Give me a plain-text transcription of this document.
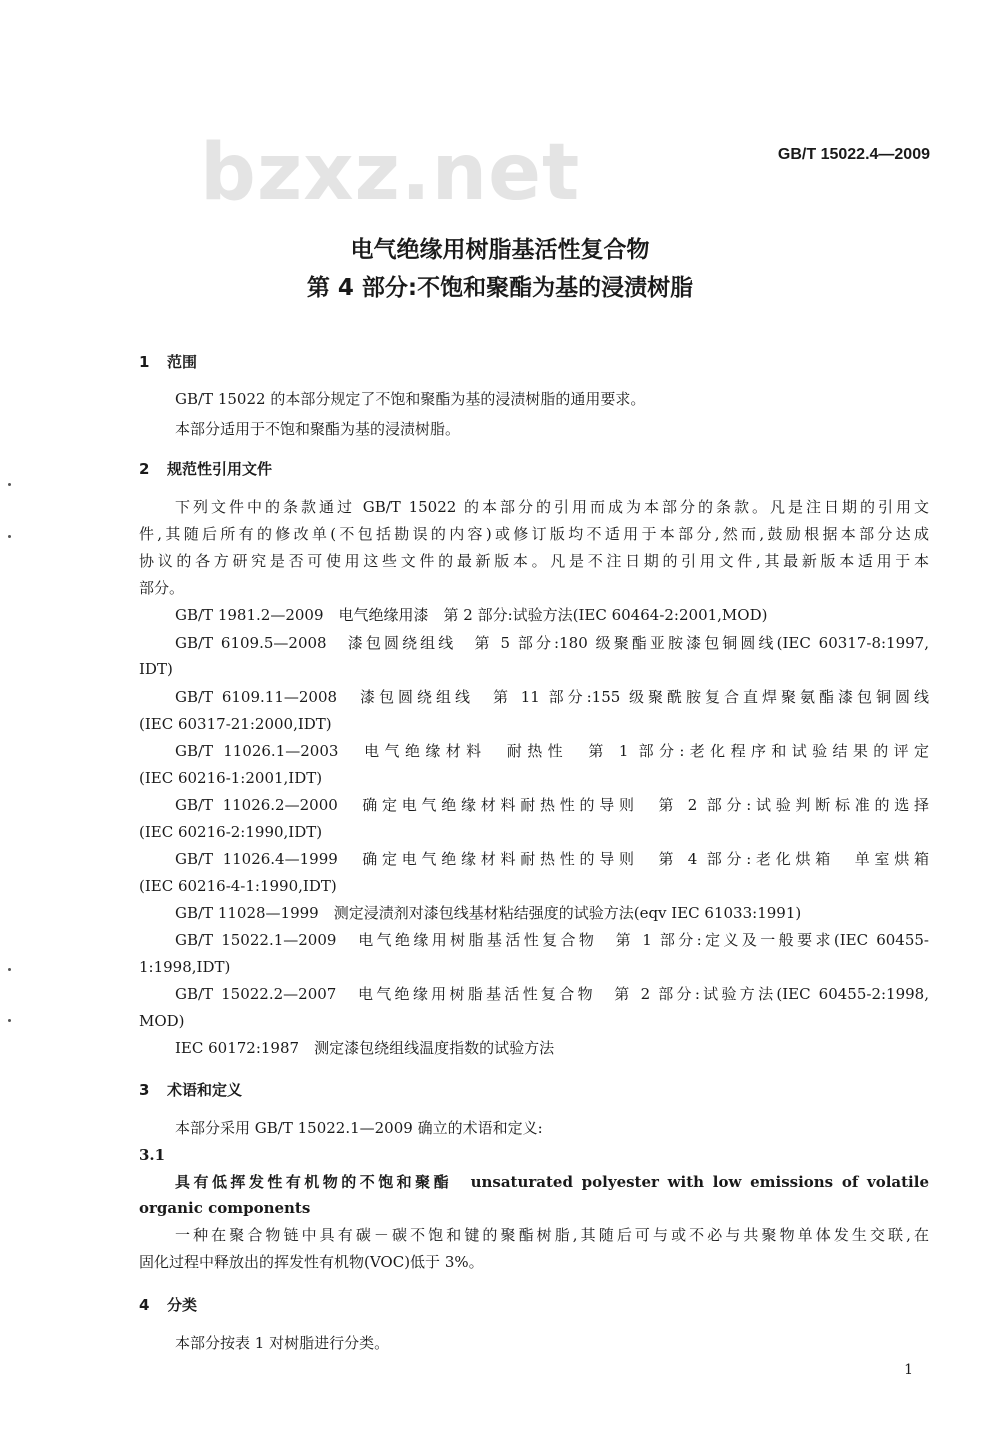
bzxz.net	GB/T 15022.4—2009
电气绝缘用树脂基活性复合物
第 4 部分:不饱和聚酯为基的浸渍树脂
1 范围
GB/T 15022 的本部分规定了不饱和聚酯为基的浸渍树脂的通用要求。
本部分适用于不饱和聚酯为基的浸渍树脂。
2 规范性引用文件
下列文件中的条款通过 GB/T 15022 的本部分的引用而成为本部分的条款。凡是注日期的引用文
件,其随后所有的修改单(不包括勘误的内容)或修订版均不适用于本部分,然而,鼓励根据本部分达成
协议的各方研究是否可使用这些文件的最新版本。凡是不注日期的引用文件,其最新版本适用于本
部分。
GB/T 1981.2—2009　电气绝缘用漆　第 2 部分:试验方法(IEC 60464-2:2001,MOD)
GB/T 6109.5—2008　漆包圆绕组线　第 5 部分:180 级聚酯亚胺漆包铜圆线(IEC 60317-8:1997,
IDT)
GB/T 6109.11—2008　漆包圆绕组线　第 11 部分:155 级聚酰胺复合直焊聚氨酯漆包铜圆线
(IEC 60317-21:2000,IDT)
GB/T 11026.1—2003　电气绝缘材料　耐热性　第 1 部分:老化程序和试验结果的评定
(IEC 60216-1:2001,IDT)
GB/T 11026.2—2000　确定电气绝缘材料耐热性的导则　第 2 部分:试验判断标准的选择
(IEC 60216-2:1990,IDT)
GB/T 11026.4—1999　确定电气绝缘材料耐热性的导则　第 4 部分:老化烘箱　单室烘箱
(IEC 60216-4-1:1990,IDT)
GB/T 11028—1999　测定浸渍剂对漆包线基材粘结强度的试验方法(eqv IEC 61033:1991)
GB/T 15022.1—2009　电气绝缘用树脂基活性复合物　第 1 部分:定义及一般要求(IEC 60455-
1:1998,IDT)
GB/T 15022.2—2007　电气绝缘用树脂基活性复合物　第 2 部分:试验方法(IEC 60455-2:1998,
MOD)
IEC 60172:1987　测定漆包绕组线温度指数的试验方法
3 术语和定义
本部分采用 GB/T 15022.1—2009 确立的术语和定义:
3.1
具有低挥发性有机物的不饱和聚酯　unsaturated polyester with low emissions of volatile
organic components
一种在聚合物链中具有碳－碳不饱和键的聚酯树脂,其随后可与或不必与共聚物单体发生交联,在
固化过程中释放出的挥发性有机物(VOC)低于 3%。
4 分类
本部分按表 1 对树脂进行分类。
1
